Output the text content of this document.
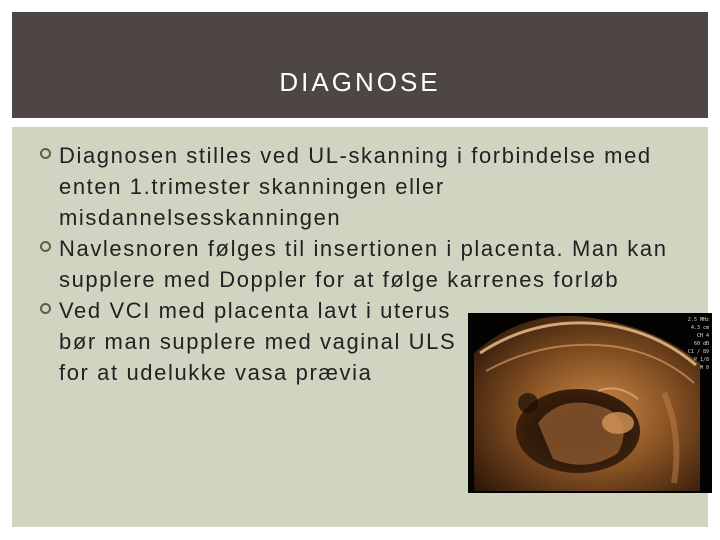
DIAGNOSE
Diagnosen stilles ved UL-skanning i forbindelse med enten 1.trimester skanningen eller misdannelsesskanningen
Navlesnoren følges til insertionen i placenta. Man kan supplere med Doppler for at følge karrenes forløb
Ved VCI med placenta lavt i uterus bør man supplere med vaginal ULS for at udelukke vasa prævia
2.5 MHz
4.3 cm
CH 4
60 dB
C1 / 89
P 1/8
M 0
